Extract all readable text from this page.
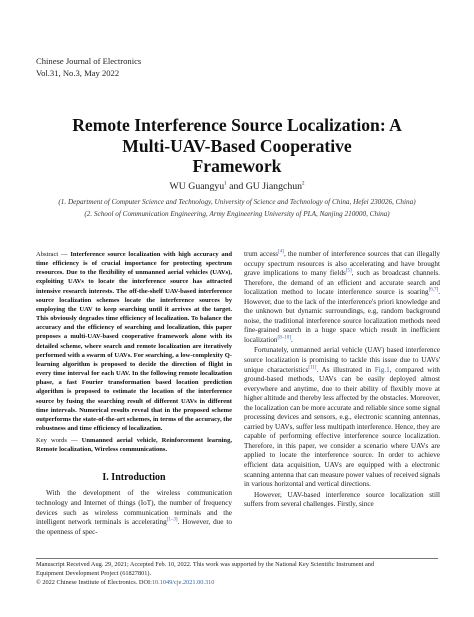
Chinese Journal of Electronics
Vol.31, No.3, May 2022
Remote Interference Source Localization: A
Multi-UAV-Based Cooperative
Framework
WU Guangyu$^1$ and GU Jiangchun$^2$
(1. Department of Computer Science and Technology, University of Science and Technology of China, Hefei 230026, China)
(2. School of Communication Engineering, Army Engineering University of PLA, Nanjing 210000, China)
Abstract — Interference source localization with high accuracy and time efficiency is of crucial importance for protecting spectrum resources. Due to the flexibility of unmanned aerial vehicles (UAVs), exploiting UAVs to locate the interference source has attracted intensive research interests. The off-the-shelf UAV-based interference source localization schemes locate the interference sources by employing the UAV to keep searching until it arrives at the target. This obviously degrades time efficiency of localization. To balance the accuracy and the efficiency of searching and localization, this paper proposes a multi-UAV-based cooperative framework alone with its detailed scheme, where search and remote localization are iteratively performed with a swarm of UAVs. For searching, a low-complexity Q-learning algorithm is proposed to decide the direction of flight in every time interval for each UAV. In the following remote localization phase, a fast Fourier transformation based location prediction algorithm is proposed to estimate the location of the interference source by fusing the searching result of different UAVs in different time intervals. Numerical results reveal that in the proposed scheme outperforms the state-of-the-art schemes, in terms of the accuracy, the robustness and time efficiency of localization.
Key words — Unmanned aerial vehicle, Reinforcement learning, Remote localization, Wireless communications.
I. Introduction

With the development of the wireless communication technology and Internet of things (IoT), the number of frequency devices such as wireless communication terminals and the intelligent network terminals is accelerating[1–3]. However, due to the openness of spec-

trum access[4], the number of interference sources that can illegally occupy spectrum resources is also accelerating and have brought grave implications to many fields[5], such as broadcast channels. Therefore, the demand of an efficient and accurate search and localization method to locate interference source is soaring[6,7]. However, due to the lack of the interference's priori knowledge and the unknown but dynamic surroundings, e.g, random background noise, the traditional interference source localization methods need fine-grained search in a huge space which result in inefficient localization[8–10].

Fortunately, unmanned aerial vehicle (UAV) based interference source localization is promising to tackle this issue due to UAVs' unique characteristics[11]. As illustrated in Fig.1, compared with ground-based methods, UAVs can be easily deployed almost everywhere and anytime, due to their ability of flexibly move at higher altitude and thereby less affected by the obstacles. Moreover, the localization can be more accurate and reliable since some signal processing devices and sensors, e.g., electronic scanning antennas, carried by UAVs, suffer less multipath interference. Hence, they are capable of performing effective interference source localization. Therefore, in this paper, we consider a scenario where UAVs are applied to locate the interference source. In order to achieve efficient data acquisition, UAVs are equipped with a electronic scanning antenna that can measure power values of received signals in various horizontal and vertical directions.

However, UAV-based interference source localization still suffers from several challenges. Firstly, since

Manuscript Received Aug. 29, 2021; Accepted Feb. 10, 2022. This work was supported by the National Key Scientific Instrument and
Equipment Development Project (61827801).
© 2022 Chinese Institute of Electronics. DOI:10.1049/cje.2021.00.310
